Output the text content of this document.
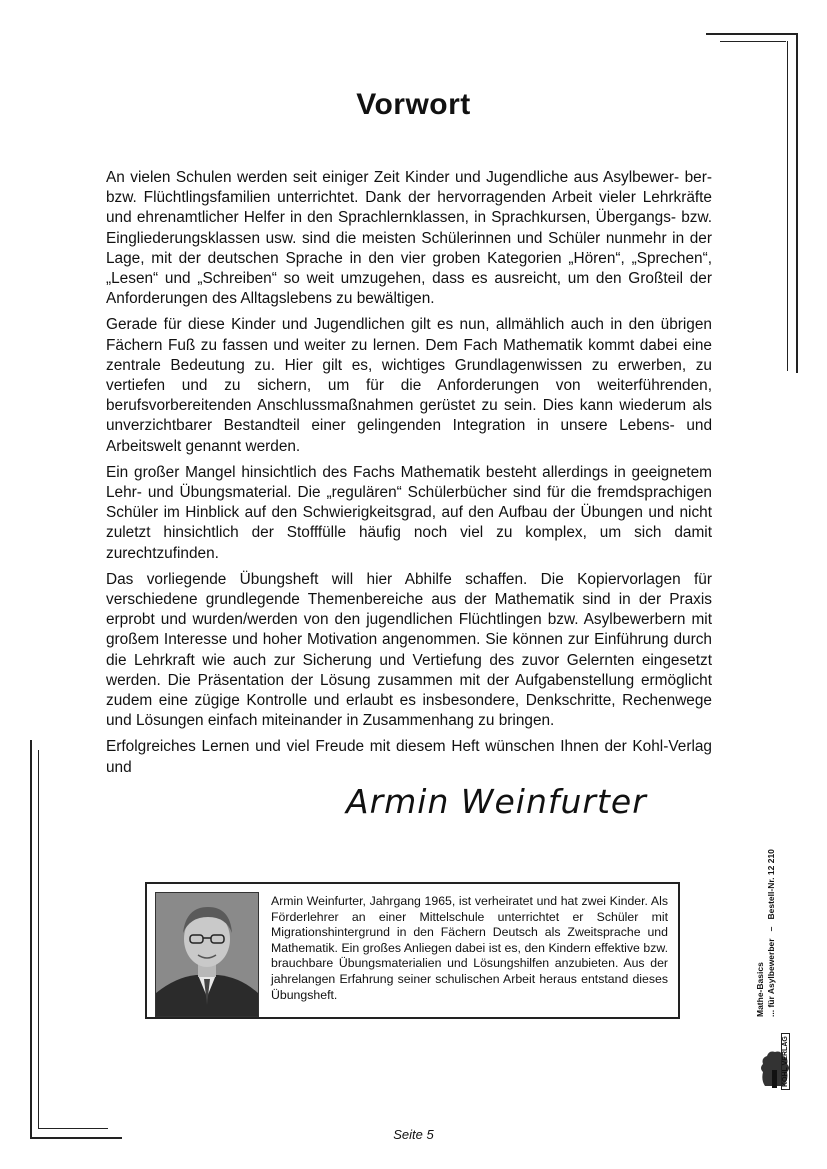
Vorwort

An vielen Schulen werden seit einiger Zeit Kinder und Jugendliche aus Asylbewer- ber- bzw. Flüchtlingsfamilien unterrichtet. Dank der hervorragenden Arbeit vieler Lehrkräfte und ehrenamtlicher Helfer in den Sprachlernklassen, in Sprachkursen, Übergangs- bzw. Eingliederungsklassen usw. sind die meisten Schülerinnen und Schüler nunmehr in der Lage, mit der deutschen Sprache in den vier groben Kategorien „Hören“, „Sprechen“, „Lesen“ und „Schreiben“ so weit umzugehen, dass es ausreicht, um den Großteil der Anforderungen des Alltagslebens zu bewältigen.

Gerade für diese Kinder und Jugendlichen gilt es nun, allmählich auch in den übrigen Fächern Fuß zu fassen und weiter zu lernen. Dem Fach Mathematik kommt dabei eine zentrale Bedeutung zu. Hier gilt es, wichtiges Grundlagenwissen zu erwerben, zu vertiefen und zu sichern, um für die Anforderungen von weiterführenden, berufsvorbereitenden Anschlussmaßnahmen gerüstet zu sein. Dies kann wiederum als unverzichtbarer Bestandteil einer gelingenden Integration in unsere Lebens- und Arbeitswelt genannt werden.

Ein großer Mangel hinsichtlich des Fachs Mathematik besteht allerdings in geeignetem Lehr- und Übungsmaterial. Die „regulären“ Schülerbücher sind für die fremdsprachigen Schüler im Hinblick auf den Schwierigkeitsgrad, auf den Aufbau der Übungen und nicht zuletzt hinsichtlich der Stofffülle häufig noch viel zu komplex, um sich damit zurechtzufinden.

Das vorliegende Übungsheft will hier Abhilfe schaffen. Die Kopiervorlagen für verschiedene grundlegende Themenbereiche aus der Mathematik sind in der Praxis erprobt und wurden/werden von den jugendlichen Flüchtlingen bzw. Asylbewerbern mit großem Interesse und hoher Motivation angenommen. Sie können zur Einführung durch die Lehrkraft wie auch zur Sicherung und Vertiefung des zuvor Gelernten eingesetzt werden. Die Präsentation der Lösung zusammen mit der Aufgabenstellung ermöglicht zudem eine zügige Kontrolle und erlaubt es insbesondere, Denkschritte, Rechenwege und Lösungen einfach miteinander in Zusammenhang zu bringen.

Erfolgreiches Lernen und viel Freude mit diesem Heft wünschen Ihnen der Kohl-Verlag und

Armin Weinfurter
Armin Weinfurter, Jahrgang 1965, ist verheiratet und hat zwei Kinder. Als Förderlehrer an einer Mittelschule unterrichtet er Schüler mit Migrationshintergrund in den Fächern Deutsch als Zweitsprache und Mathematik. Ein großes Anliegen dabei ist es, den Kindern effektive bzw. brauchbare Übungsmaterialien und Lösungshilfen anzubieten. Aus der jahrelangen Erfahrung seiner schulischen Arbeit heraus entstand dieses Übungsheft.	Mathe-Basics ... für Asylbewerber   –   Bestell-Nr. 12 210
KOHL VERLAG
Seite 5
